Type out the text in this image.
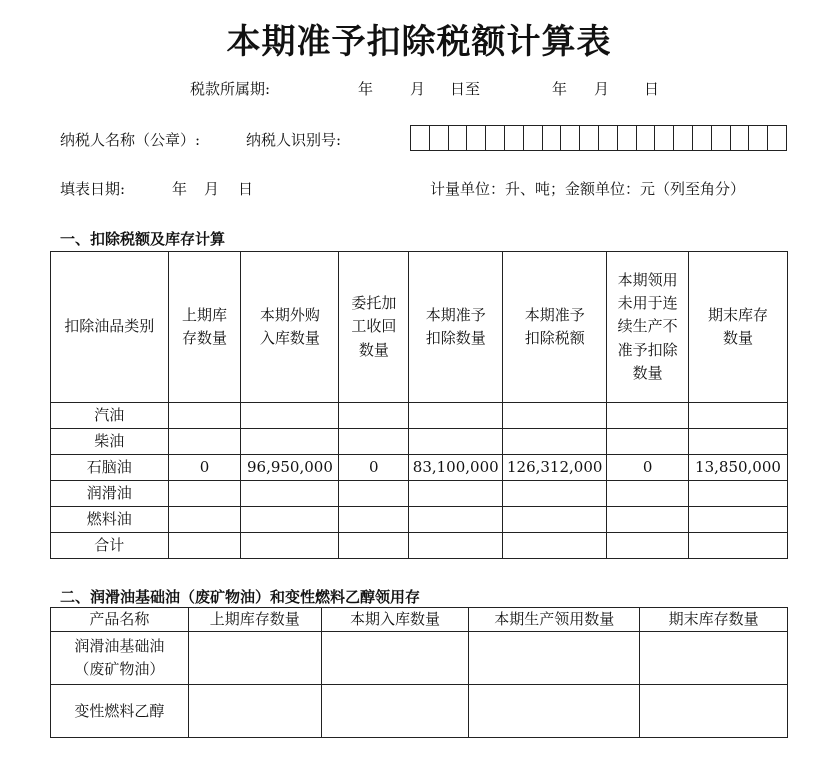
本期准予扣除税额计算表
税款所属期:	年 月 日至	年 月 日
纳税人名称（公章）:	纳税人识别号:
填表日期:	年 月 日	计量单位：升、吨；金额单位：元（列至角分）
一、扣除税额及库存计算
扣除油品类别	上期库存数量	本期外购入库数量	委托加工收回数量	本期准予扣除数量	本期准予扣除税额	本期领用未用于连续生产不准予扣除数量	期末库存数量
汽油							
柴油							
石脑油	0	96,950,000	0	83,100,000	126,312,000	0	13,850,000
润滑油							
燃料油							
合计							
二、润滑油基础油（废矿物油）和变性燃料乙醇领用存
产品名称	上期库存数量	本期入库数量	本期生产领用数量	期末库存数量
润滑油基础油（废矿物油）				
变性燃料乙醇				
